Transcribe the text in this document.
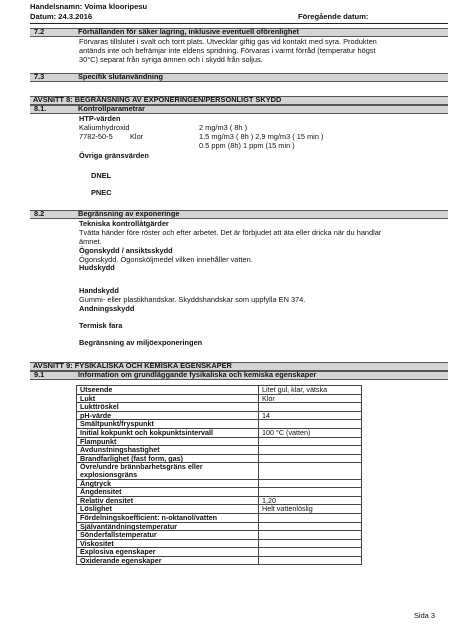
Handelsnamn: Voima klooripesu
Datum: 24.3.2016	Föregående datum:
7.2	Förhållanden för säker lagring, inklusive eventuell oförenlighet
Förvaras tillslutet i svalt och torrt plats. Utvecklar giftig gas vid kontakt med syra. Produkten
antänds inte och befrämjar inte eldens spridning. Förvaras i varmt förråd (temperatur högst
30°C) separat från syriga ämnen och i skydd från soljus.
7.3	Specifik slutanvändning
AVSNITT 8: BEGRÄNSNING AV EXPONERINGEN/PERSONLIGT SKYDD
8.1.	Kontrollparametrar
HTP-värden
Kaliumhydroxid	2 mg/m3 ( 8h )
7782-50-5 Klor	1.5 mg/m3 ( 8h ) 2,9 mg/m3 ( 15 min )
0.5 ppm (8h) 1 ppm (15 min )
Övriga gränsvärden
DNEL
PNEC
8.2	Begränsning av exponeringe
Tekniska kontrollåtgärder
Tvätta händer före röster och efter arbetet. Det är förbjudet att äta eller dricka när du handlar
ämnet.
Ögonskydd / ansiktsskydd
Ögonskydd. Ögonsköljmedel vilken innehåller vatten.
Hudskydd
Handskydd
Gummi- eller plastikhandskar. Skyddshandskar som uppfylla EN 374.
Andningsskydd
Termisk fara
Begränsning av miljöexponeringen
AVSNITT 9: FYSIKALISKA OCH KEMISKA EGENSKAPER
9.1	Information om grundläggande fysikaliska och kemiska egenskaper
Utseende	Litet gul, klar, vätska
Lukt	Klor
Lukttröskel	
pH-värde	14
Smältpunkt/fryspunkt	
Initial kokpunkt och kokpunktsintervall	100 °C (vatten)
Flampunkt	
Avdunstningshastighet	
Brandfarlighet (fast form, gas)	
Övre/undre brännbarhetsgräns eller explosionsgräns	
Ångtryck	
Ångdensitet	
Relativ densitet	1,20
Löslighet	Helt vattenlöslig
Fördelningskoefficient: n-oktanol/vatten	
Självantändningstemperatur	
Sönderfallstemperatur	
Viskositet	
Explosiva egenskaper	
Oxiderande egenskaper	
Sida 3
